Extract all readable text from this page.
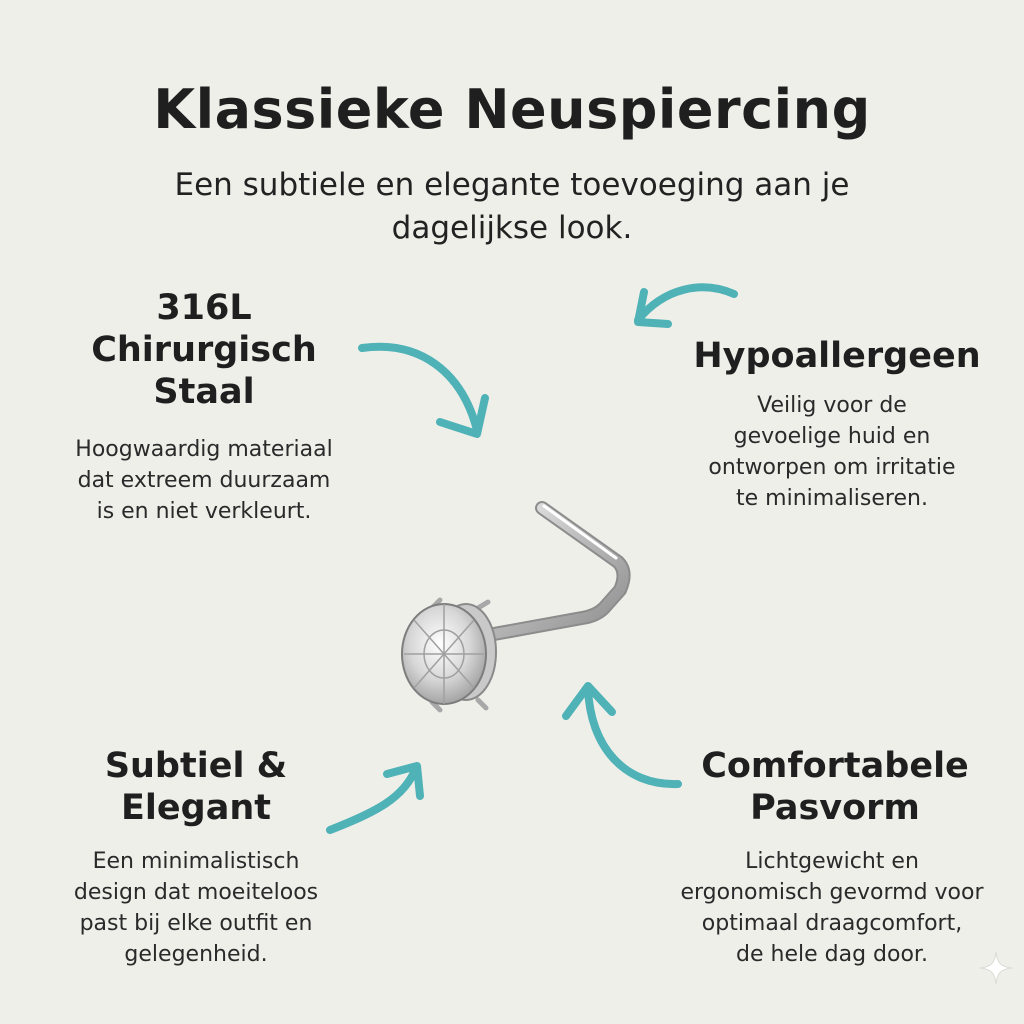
Klassieke Neuspiercing
Een subtiele en elegante toevoeging aan je
dagelijkse look.
316L
Chirurgisch
Staal
Hoogwaardig materiaal
dat extreem duurzaam
is en niet verkleurt.
Hypoallergeen
Veilig voor de
gevoelige huid en
ontworpen om irritatie
te minimaliseren.
Subtiel &
Elegant
Een minimalistisch
design dat moeiteloos
past bij elke outfit en
gelegenheid.
Comfortabele
Pasvorm
Lichtgewicht en
ergonomisch gevormd voor
optimaal draagcomfort,
de hele dag door.
